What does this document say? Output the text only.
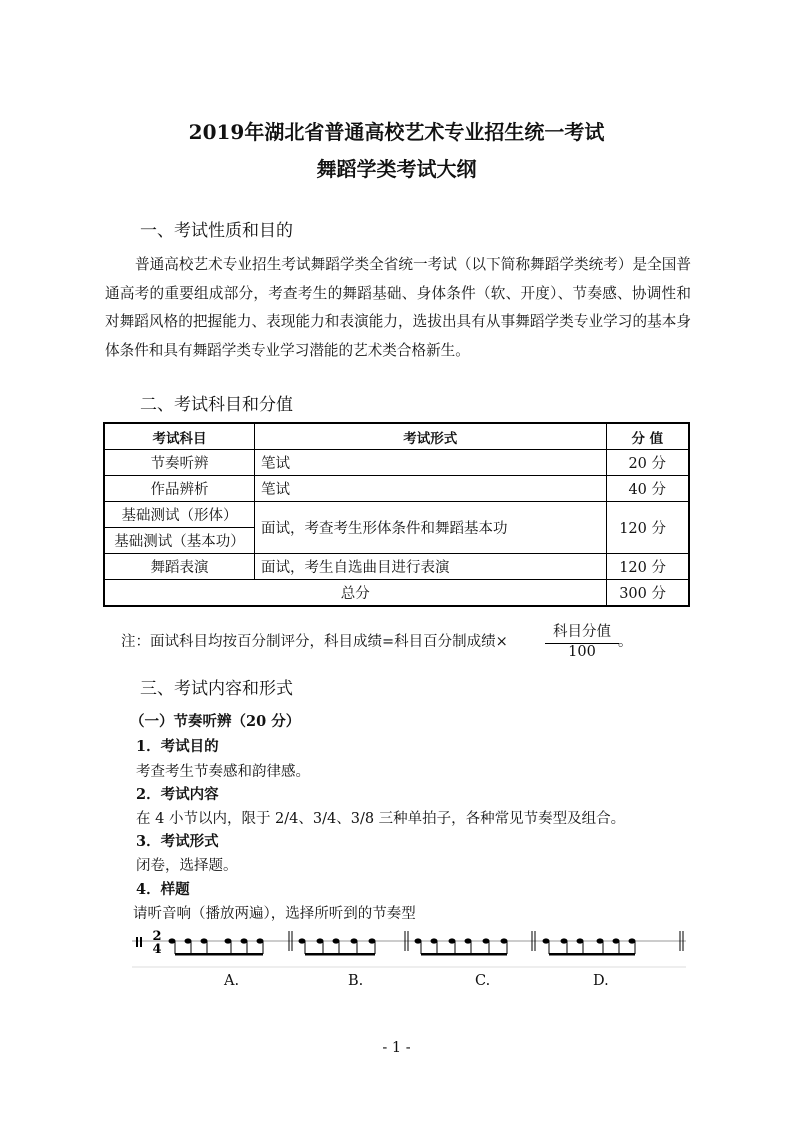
2019年湖北省普通高校艺术专业招生统一考试
舞蹈学类考试大纲
一、考试性质和目的
普通高校艺术专业招生考试舞蹈学类全省统一考试（以下简称舞蹈学类统考）是全国普通高考的重要组成部分，考查考生的舞蹈基础、身体条件（软、开度）、节奏感、协调性和对舞蹈风格的把握能力、表现能力和表演能力，选拔出具有从事舞蹈学类专业学习的基本身体条件和具有舞蹈学类专业学习潜能的艺术类合格新生。
二、考试科目和分值
考试科目	考试形式	分 值
节奏听辨	笔试	20 分
作品辨析	笔试	40 分
基础测试（形体）	面试，考查考生形体条件和舞蹈基本功	120 分
基础测试（基本功）		
舞蹈表演	面试，考生自选曲目进行表演	120 分
总分		300 分
注：面试科目均按百分制评分，科目成绩=科目百分制成绩×
科目分值
100
。
三、考试内容和形式
（一）节奏听辨（20 分）
1．考试目的
考查考生节奏感和韵律感。
2．考试内容
在 4 小节以内，限于 2/4、3/4、3/8 三种单拍子，各种常见节奏型及组合。
3．考试形式
闭卷，选择题。
4．样题
请听音响（播放两遍），选择所听到的节奏型
2
4
A.	B.	C.	D.
- 1 -
